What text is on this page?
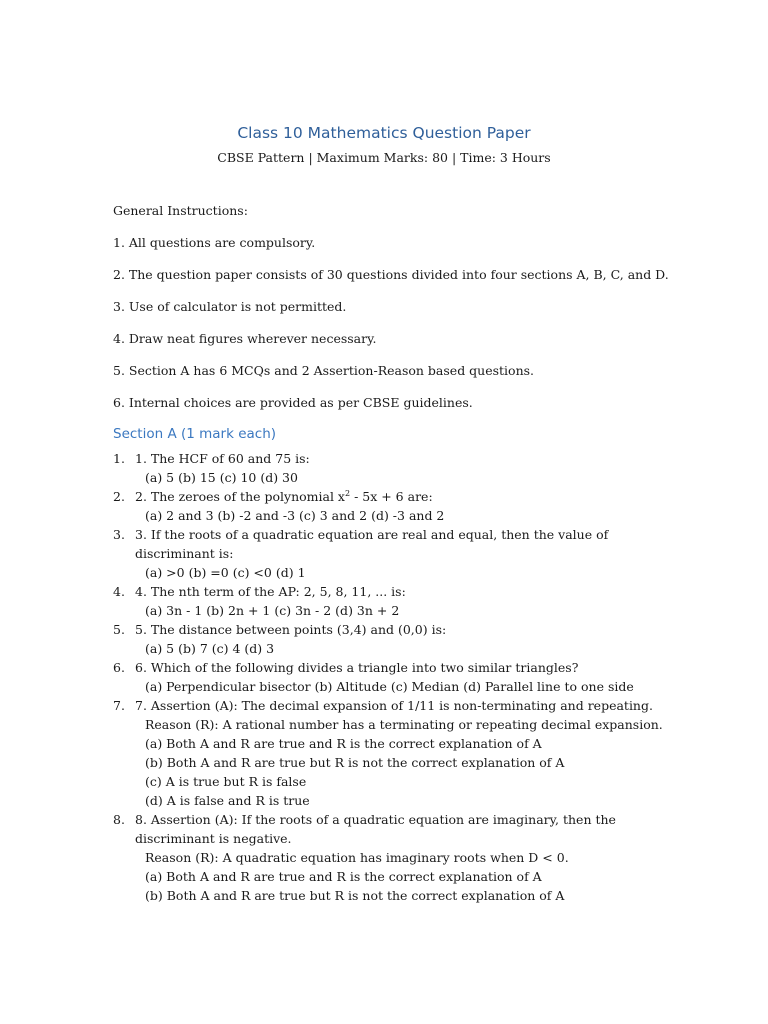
Class 10 Mathematics Question Paper
CBSE Pattern | Maximum Marks: 80 | Time: 3 Hours
General Instructions:
1. All questions are compulsory.
2. The question paper consists of 30 questions divided into four sections A, B, C, and D.
3. Use of calculator is not permitted.
4. Draw neat figures wherever necessary.
5. Section A has 6 MCQs and 2 Assertion-Reason based questions.
6. Internal choices are provided as per CBSE guidelines.
Section A (1 mark each)
1. 1. The HCF of 60 and 75 is:
(a) 5 (b) 15 (c) 10 (d) 30
2. 2. The zeroes of the polynomial $x^2 - 5x + 6$ are:
(a) 2 and 3 (b) -2 and -3 (c) 3 and 2 (d) -3 and 2
3. 3. If the roots of a quadratic equation are real and equal, then the value of discriminant is:
(a) >0 (b) =0 (c) <0 (d) 1
4. 4. The nth term of the AP: 2, 5, 8, 11, ... is:
(a) 3n - 1 (b) 2n + 1 (c) 3n - 2 (d) 3n + 2
5. 5. The distance between points (3,4) and (0,0) is:
(a) 5 (b) 7 (c) 4 (d) 3
6. 6. Which of the following divides a triangle into two similar triangles?
(a) Perpendicular bisector (b) Altitude (c) Median (d) Parallel line to one side
7. 7. Assertion (A): The decimal expansion of 1/11 is non-terminating and repeating.
Reason (R): A rational number has a terminating or repeating decimal expansion.
(a) Both A and R are true and R is the correct explanation of A
(b) Both A and R are true but R is not the correct explanation of A
(c) A is true but R is false
(d) A is false and R is true
8. 8. Assertion (A): If the roots of a quadratic equation are imaginary, then the discriminant is negative.
Reason (R): A quadratic equation has imaginary roots when D < 0.
(a) Both A and R are true and R is the correct explanation of A
(b) Both A and R are true but R is not the correct explanation of A
